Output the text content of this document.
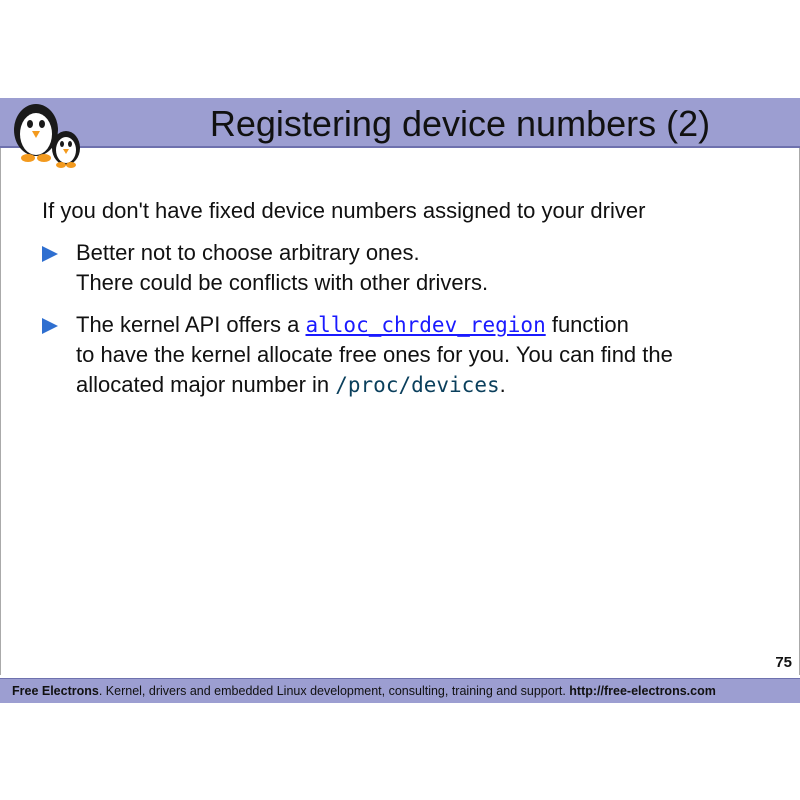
Registering device numbers (2)
If you don't have fixed device numbers assigned to your driver
Better not to choose arbitrary ones.
There could be conflicts with other drivers.
The kernel API offers a alloc_chrdev_region function
to have the kernel allocate free ones for you. You can find the
allocated major number in /proc/devices.
75
Free Electrons. Kernel, drivers and embedded Linux development, consulting, training and support. http://free-electrons.com
